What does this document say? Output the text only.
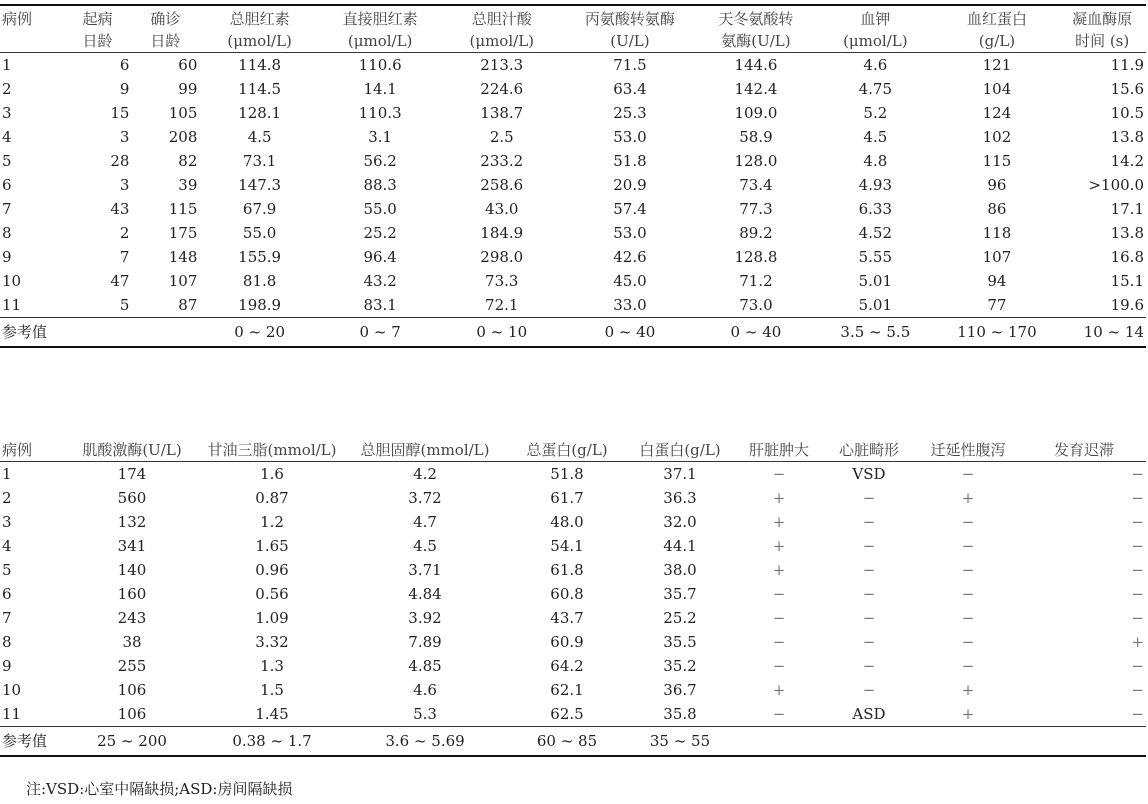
病例	起病	确诊	总胆红素	直接胆红素	总胆汁酸	丙氨酸转氨酶	天冬氨酸转	血钾	血红蛋白	凝血酶原
	日龄	日龄	(μmol/L)	(μmol/L)	(μmol/L)	(U/L)	氨酶(U/L)	(μmol/L)	(g/L)	时间 (s)
1	6	60	114.8	110.6	213.3	71.5	144.6	4.6	121	11.9
2	9	99	114.5	14.1	224.6	63.4	142.4	4.75	104	15.6
3	15	105	128.1	110.3	138.7	25.3	109.0	5.2	124	10.5
4	3	208	4.5	3.1	2.5	53.0	58.9	4.5	102	13.8
5	28	82	73.1	56.2	233.2	51.8	128.0	4.8	115	14.2
6	3	39	147.3	88.3	258.6	20.9	73.4	4.93	96	>100.0
7	43	115	67.9	55.0	43.0	57.4	77.3	6.33	86	17.1
8	2	175	55.0	25.2	184.9	53.0	89.2	4.52	118	13.8
9	7	148	155.9	96.4	298.0	42.6	128.8	5.55	107	16.8
10	47	107	81.8	43.2	73.3	45.0	71.2	5.01	94	15.1
11	5	87	198.9	83.1	72.1	33.0	73.0	5.01	77	19.6
参考值			0 ~ 20	0 ~ 7	0 ~ 10	0 ~ 40	0 ~ 40	3.5 ~ 5.5	110 ~ 170	10 ~ 14
病例	肌酸激酶(U/L)	甘油三脂(mmol/L)	总胆固醇(mmol/L)	总蛋白(g/L)	白蛋白(g/L)	肝脏肿大	心脏畸形	迁延性腹泻	发育迟滞
1	174	1.6	4.2	51.8	37.1	−	VSD	−	−
2	560	0.87	3.72	61.7	36.3	+	−	+	−
3	132	1.2	4.7	48.0	32.0	+	−	−	−
4	341	1.65	4.5	54.1	44.1	+	−	−	−
5	140	0.96	3.71	61.8	38.0	+	−	−	−
6	160	0.56	4.84	60.8	35.7	−	−	−	−
7	243	1.09	3.92	43.7	25.2	−	−	−	−
8	38	3.32	7.89	60.9	35.5	−	−	−	+
9	255	1.3	4.85	64.2	35.2	−	−	−	−
10	106	1.5	4.6	62.1	36.7	+	−	+	−
11	106	1.45	5.3	62.5	35.8	−	ASD	+	−
参考值	25 ~ 200	0.38 ~ 1.7	3.6 ~ 5.69	60 ~ 85	35 ~ 55				
注:VSD:心室中隔缺损;ASD:房间隔缺损
